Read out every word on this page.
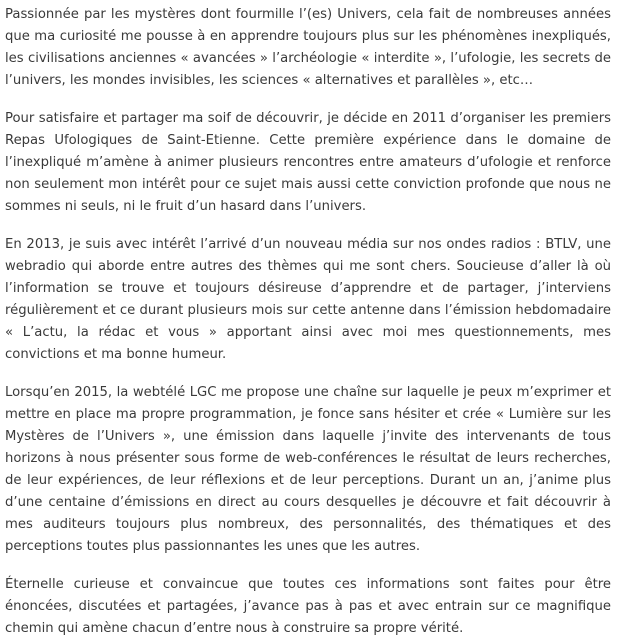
Passionnée par les mystères dont fourmille l’(es) Univers, cela fait de nombreuses années que ma curiosité me pousse à en apprendre toujours plus sur les phénomènes inexpliqués, les civilisations anciennes « avancées » l’archéologie « interdite », l’ufologie, les secrets de l’univers, les mondes invisibles, les sciences « alternatives et parallèles », etc…

Pour satisfaire et partager ma soif de découvrir, je décide en 2011 d’organiser les premiers Repas Ufologiques de Saint-Etienne. Cette première expérience dans le domaine de l’inexpliqué m’amène à animer plusieurs rencontres entre amateurs d’ufologie et renforce non seulement mon intérêt pour ce sujet mais aussi cette conviction profonde que nous ne sommes ni seuls, ni le fruit d’un hasard dans l’univers.

En 2013, je suis avec intérêt l’arrivé d’un nouveau média sur nos ondes radios : BTLV, une webradio qui aborde entre autres des thèmes qui me sont chers. Soucieuse d’aller là où l’information se trouve et toujours désireuse d’apprendre et de partager, j’interviens régulièrement et ce durant plusieurs mois sur cette antenne dans l’émission hebdomadaire « L’actu, la rédac et vous » apportant ainsi avec moi mes questionnements, mes convictions et ma bonne humeur.

Lorsqu’en 2015, la webtélé LGC me propose une chaîne sur laquelle je peux m’exprimer et mettre en place ma propre programmation, je fonce sans hésiter et crée « Lumière sur les Mystères de l’Univers », une émission dans laquelle j’invite des intervenants de tous horizons à nous présenter sous forme de web-conférences le résultat de leurs recherches, de leur expériences, de leur réflexions et de leur perceptions. Durant un an, j’anime plus d’une centaine d’émissions en direct au cours desquelles je découvre et fait découvrir à mes auditeurs toujours plus nombreux, des personnalités, des thématiques et des perceptions toutes plus passionnantes les unes que les autres.

Éternelle curieuse et convaincue que toutes ces informations sont faites pour être énoncées, discutées et partagées, j’avance pas à pas et avec entrain sur ce magnifique chemin qui amène chacun d’entre nous à construire sa propre vérité.
